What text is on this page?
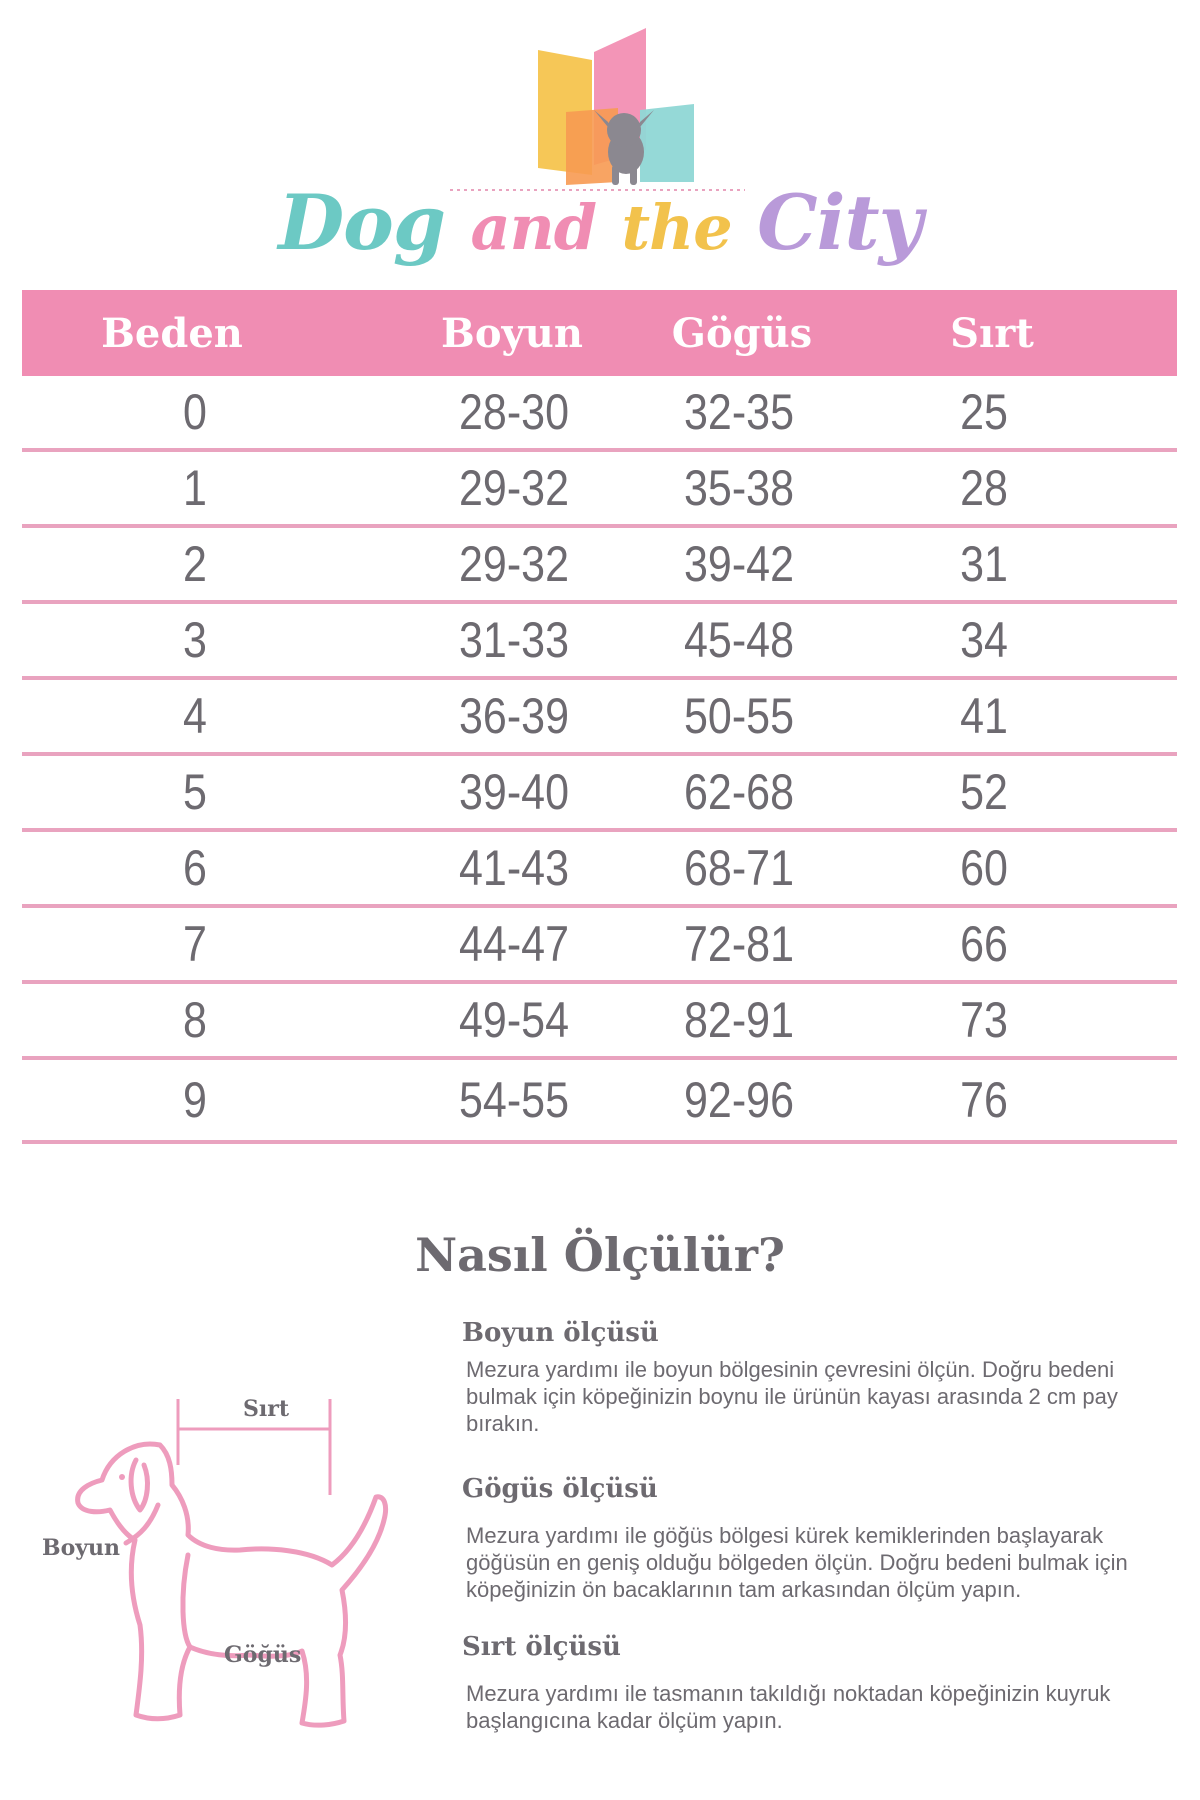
Dog and the City
Beden	Boyun	Gögüs	Sırt
0	28-30	32-35	25
1	29-32	35-38	28
2	29-32	39-42	31
3	31-33	45-48	34
4	36-39	50-55	41
5	39-40	62-68	52
6	41-43	68-71	60
7	44-47	72-81	66
8	49-54	82-91	73
9	54-55	92-96	76
Nasıl Ölçülür?
Sırt
Boyun
Göğüs
Boyun ölçüsü

Mezura yardımı ile boyun bölgesinin çevresini ölçün. Doğru bedeni bulmak için köpeğinizin boynu ile ürünün kayası arasında 2 cm pay bırakın.

Gögüs ölçüsü

Mezura yardımı ile göğüs bölgesi kürek kemiklerinden başlayarak göğüsün en geniş olduğu bölgeden ölçün. Doğru bedeni bulmak için köpeğinizin ön bacaklarının tam arkasından ölçüm yapın.

Sırt ölçüsü

Mezura yardımı ile tasmanın takıldığı noktadan köpeğinizin kuyruk başlangıcına kadar ölçüm yapın.
